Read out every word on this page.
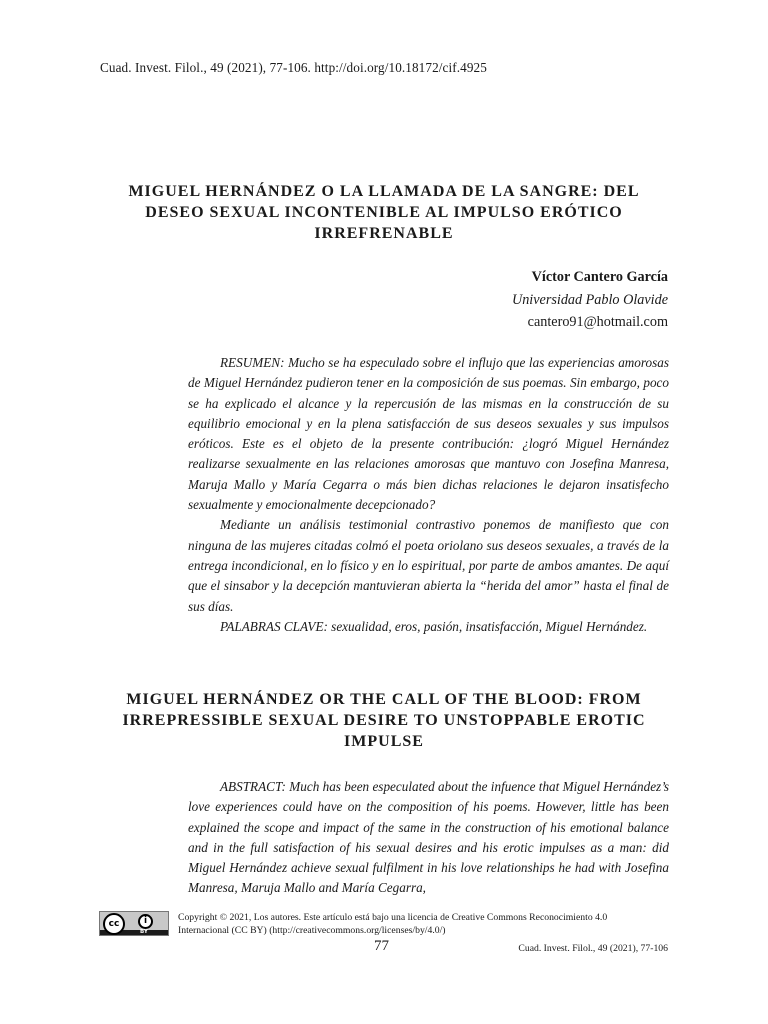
Cuad. Invest. Filol., 49 (2021), 77-106. http://doi.org/10.18172/cif.4925
MIGUEL HERNÁNDEZ O LA LLAMADA DE LA SANGRE: DEL DESEO SEXUAL INCONTENIBLE AL IMPULSO ERÓTICO IRREFRENABLE
Víctor Cantero García
Universidad Pablo Olavide
cantero91@hotmail.com

RESUMEN: Mucho se ha especulado sobre el influjo que las experiencias amorosas de Miguel Hernández pudieron tener en la composición de sus poemas. Sin embargo, poco se ha explicado el alcance y la repercusión de las mismas en la construcción de su equilibrio emocional y en la plena satisfacción de sus deseos sexuales y sus impulsos eróticos. Este es el objeto de la presente contribución: ¿logró Miguel Hernández realizarse sexualmente en las relaciones amorosas que mantuvo con Josefina Manresa, Maruja Mallo y María Cegarra o más bien dichas relaciones le dejaron insatisfecho sexualmente y emocionalmente decepcionado?

Mediante un análisis testimonial contrastivo ponemos de manifiesto que con ninguna de las mujeres citadas colmó el poeta oriolano sus deseos sexuales, a través de la entrega incondicional, en lo físico y en lo espiritual, por parte de ambos amantes. De aquí que el sinsabor y la decepción mantuvieran abierta la “herida del amor” hasta el final de sus días.

PALABRAS CLAVE: sexualidad, eros, pasión, insatisfacción, Miguel Hernández.

MIGUEL HERNÁNDEZ OR THE CALL OF THE BLOOD: FROM IRREPRESSIBLE SEXUAL DESIRE TO UNSTOPPABLE EROTIC IMPULSE

ABSTRACT: Much has been especulated about the infuence that Miguel Hernández’s love experiences could have on the composition of his poems. However, little has been explained the scope and impact of the same in the construction of his emotional balance and in the full satisfaction of his sexual desires and his erotic impulses as a man: did Miguel Hernández achieve sexual fulfilment in his love relationships he had with Josefina Manresa, Maruja Mallo and María Cegarra,

cc	i
BY
Copyright © 2021, Los autores. Este artículo está bajo una licencia de Creative Commons Reconocimiento 4.0
Internacional (CC BY) (http://creativecommons.org/licenses/by/4.0/)
77	Cuad. Invest. Filol., 49 (2021), 77-106
